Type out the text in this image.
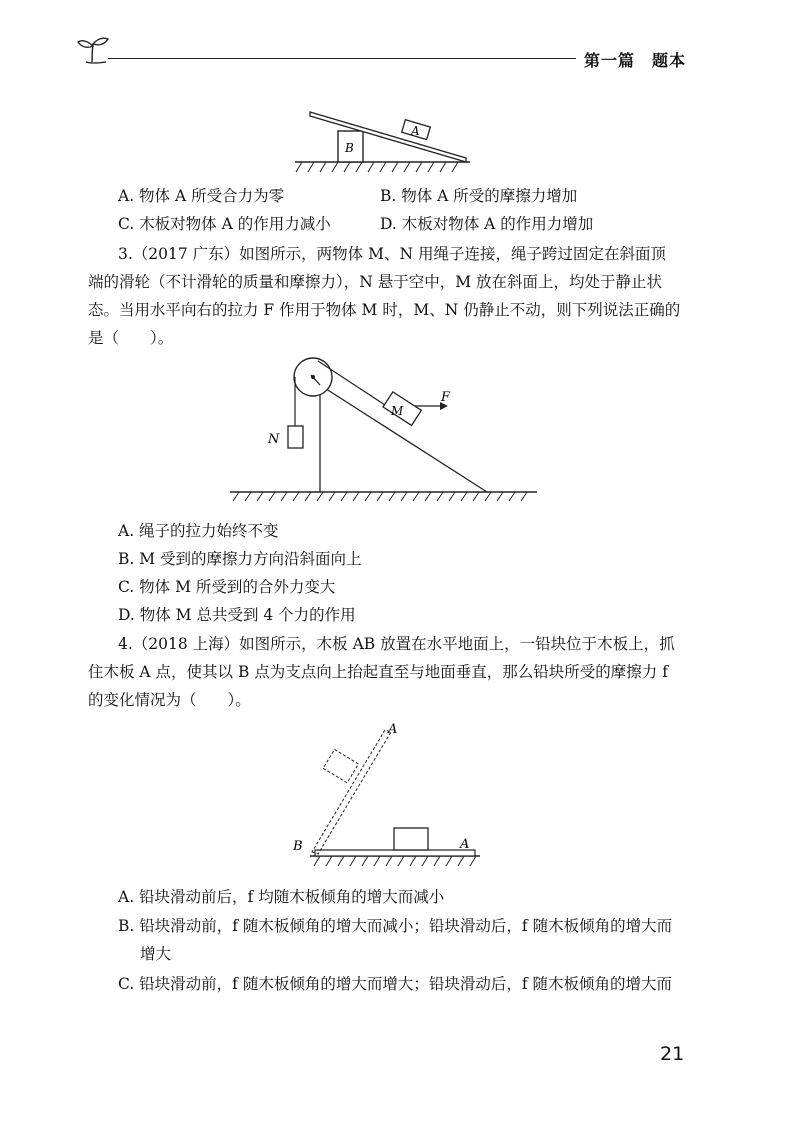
第一篇　题本
B
A
A. 物体 A 所受合力为零	B. 物体 A 所受的摩擦力增加
C. 木板对物体 A 的作用力减小	D. 木板对物体 A 的作用力增加
3.（2017 广东）如图所示，两物体 M、N 用绳子连接，绳子跨过固定在斜面顶
端的滑轮（不计滑轮的质量和摩擦力），N 悬于空中，M 放在斜面上，均处于静止状
态。当用水平向右的拉力 F 作用于物体 M 时，M、N 仍静止不动，则下列说法正确的
是（　　）。
N
M
F
A. 绳子的拉力始终不变
B. M 受到的摩擦力方向沿斜面向上
C. 物体 M 所受到的合外力变大
D. 物体 M 总共受到 4 个力的作用
4.（2018 上海）如图所示，木板 AB 放置在水平地面上，一铅块位于木板上，抓
住木板 A 点，使其以 B 点为支点向上抬起直至与地面垂直，那么铅块所受的摩擦力 f
的变化情况为（　　）。
A
B	A
A. 铅块滑动前后，f 均随木板倾角的增大而减小
B. 铅块滑动前，f 随木板倾角的增大而减小；铅块滑动后，f 随木板倾角的增大而
增大
C. 铅块滑动前，f 随木板倾角的增大而增大；铅块滑动后，f 随木板倾角的增大而
21
